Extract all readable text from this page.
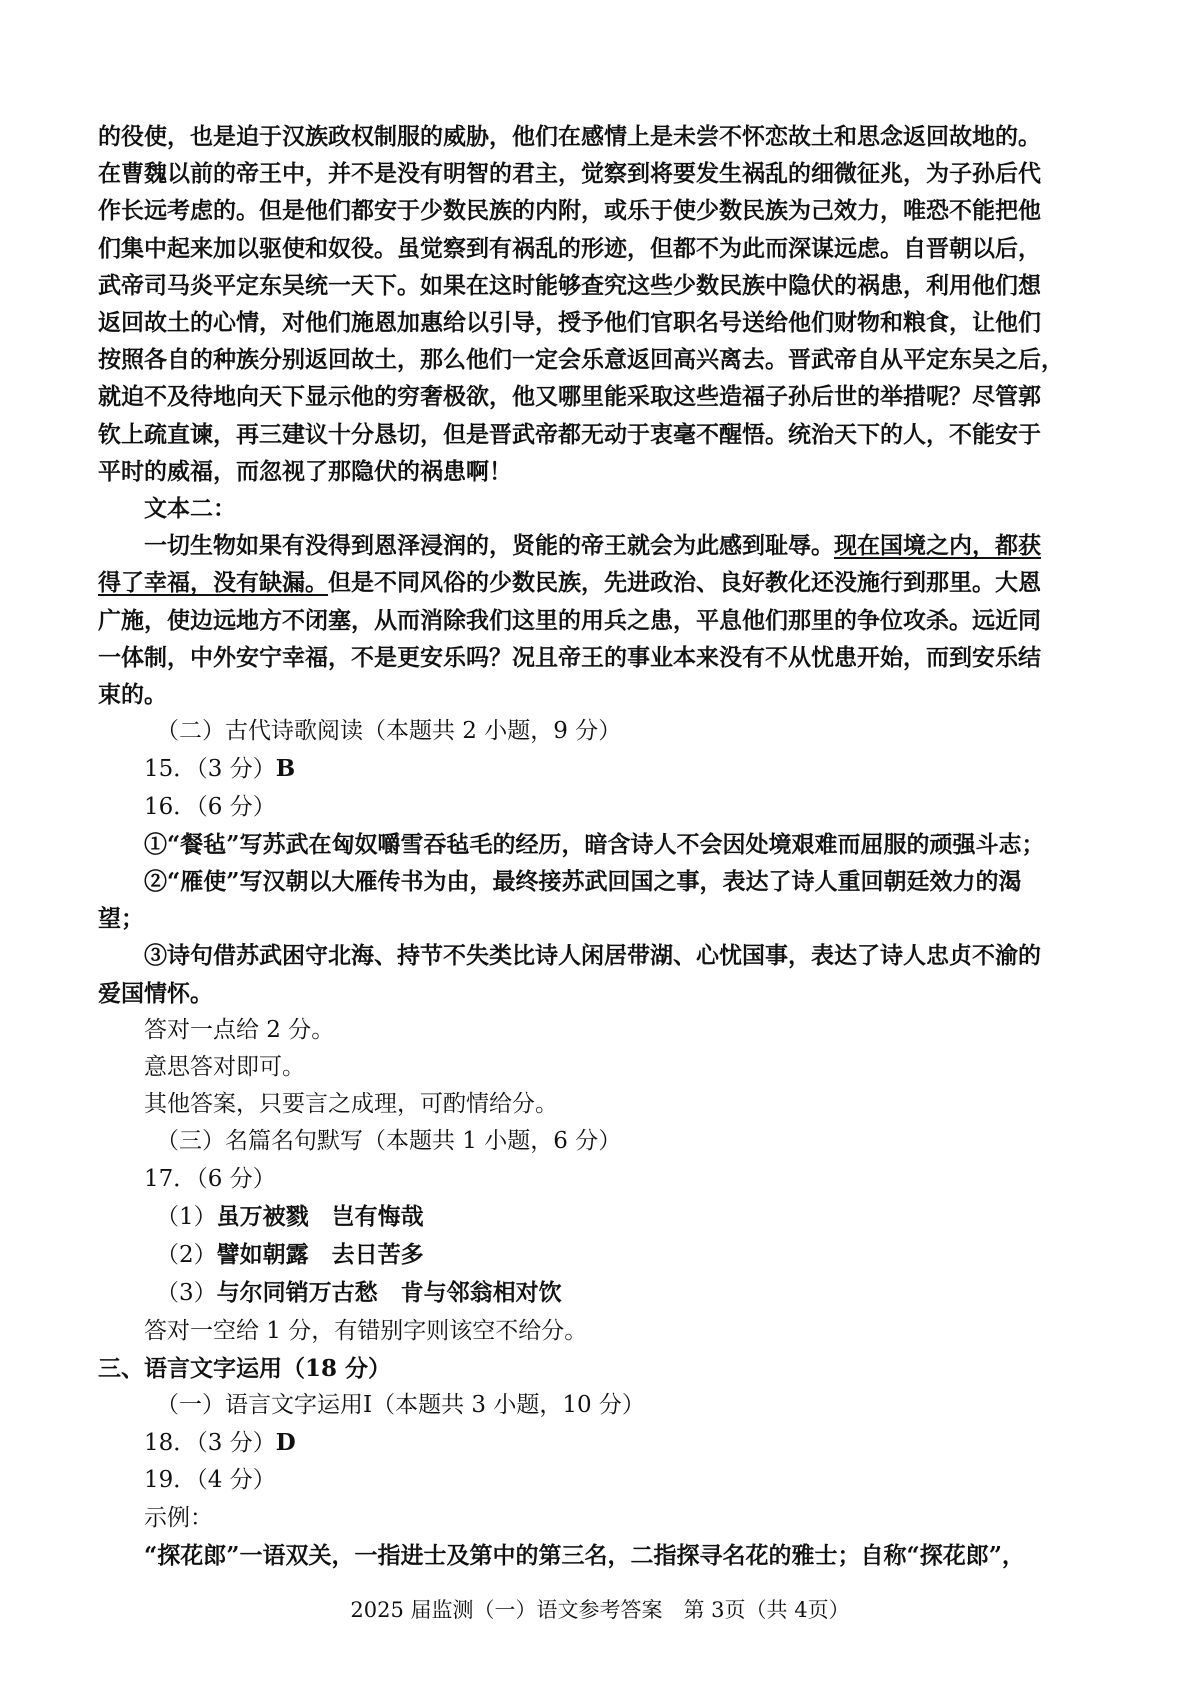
的役使，也是迫于汉族政权制服的威胁，他们在感情上是未尝不怀恋故土和思念返回故地的。

在曹魏以前的帝王中，并不是没有明智的君主，觉察到将要发生祸乱的细微征兆，为子孙后代

作长远考虑的。但是他们都安于少数民族的内附，或乐于使少数民族为己效力，唯恐不能把他

们集中起来加以驱使和奴役。虽觉察到有祸乱的形迹，但都不为此而深谋远虑。自晋朝以后，

武帝司马炎平定东吴统一天下。如果在这时能够查究这些少数民族中隐伏的祸患，利用他们想

返回故土的心情，对他们施恩加惠给以引导，授予他们官职名号送给他们财物和粮食，让他们

按照各自的种族分别返回故土，那么他们一定会乐意返回高兴离去。晋武帝自从平定东吴之后，

就迫不及待地向天下显示他的穷奢极欲，他又哪里能采取这些造福子孙后世的举措呢？尽管郭

钦上疏直谏，再三建议十分恳切，但是晋武帝都无动于衷毫不醒悟。统治天下的人，不能安于

平时的威福，而忽视了那隐伏的祸患啊！

文本二：

一切生物如果有没得到恩泽浸润的，贤能的帝王就会为此感到耻辱。现在国境之内，都获

得了幸福，没有缺漏。但是不同风俗的少数民族，先进政治、良好教化还没施行到那里。大恩

广施，使边远地方不闭塞，从而消除我们这里的用兵之患，平息他们那里的争位攻杀。远近同

一体制，中外安宁幸福，不是更安乐吗？况且帝王的事业本来没有不从忧患开始，而到安乐结

束的。

（二）古代诗歌阅读（本题共 2 小题，9 分）

15．（3 分）B

16．（6 分）

①“餐毡”写苏武在匈奴嚼雪吞毡毛的经历，暗含诗人不会因处境艰难而屈服的顽强斗志；

②“雁使”写汉朝以大雁传书为由，最终接苏武回国之事，表达了诗人重回朝廷效力的渴

望；

③诗句借苏武困守北海、持节不失类比诗人闲居带湖、心忧国事，表达了诗人忠贞不渝的

爱国情怀。

答对一点给 2 分。

意思答对即可。

其他答案，只要言之成理，可酌情给分。

（三）名篇名句默写（本题共 1 小题，6 分）

17．（6 分）

（1）虽万被戮　岂有悔哉

（2）譬如朝露　去日苦多

（3）与尔同销万古愁　肯与邻翁相对饮

答对一空给 1 分，有错别字则该空不给分。

三、语言文字运用（18 分）

（一）语言文字运用Ⅰ（本题共 3 小题，10 分）

18．（3 分）D

19．（4 分）

示例：

“探花郎”一语双关，一指进士及第中的第三名，二指探寻名花的雅士；自称“探花郎”，

2025 届监测（一）语文参考答案　第 3页（共 4页）
